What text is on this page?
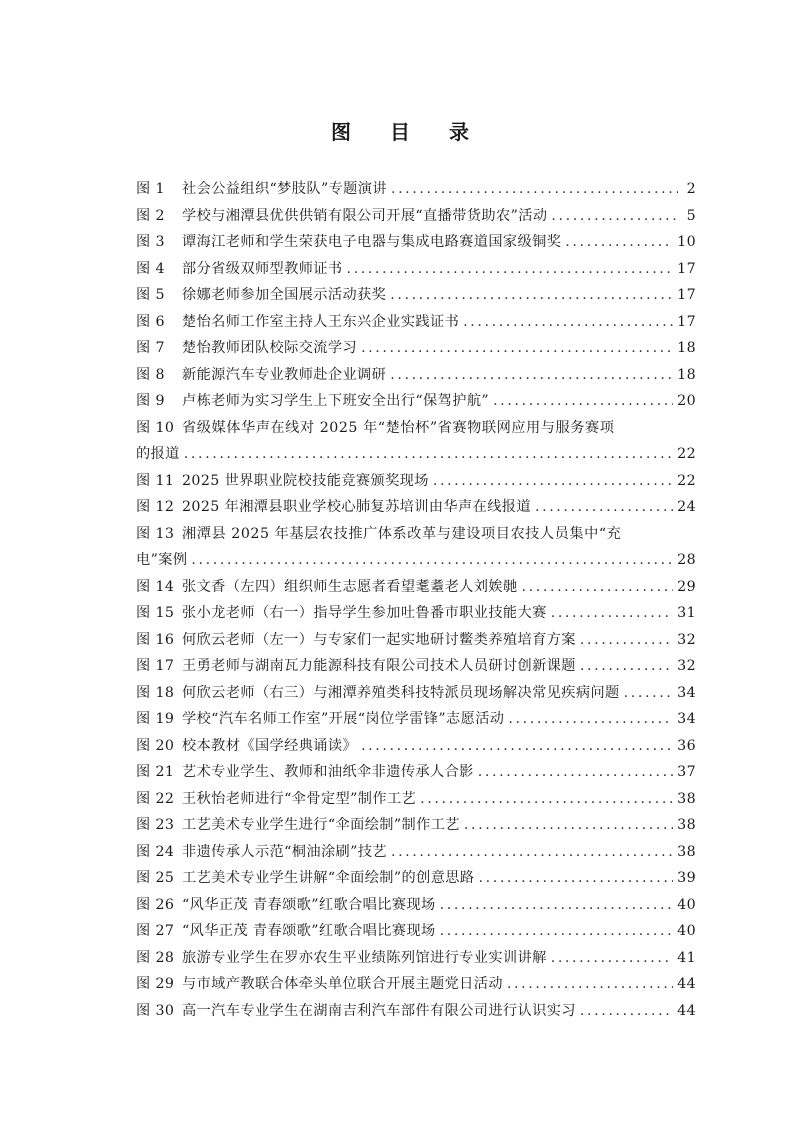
图 目 录
图 1	社会公益组织“梦肢队”专题演讲 .....	2
图 2	学校与湘潭县优供供销有限公司开展“直播带货助农”活动 .....	5
图 3	谭海江老师和学生荣获电子电器与集成电路赛道国家级铜奖 .....	10
图 4	部分省级双师型教师证书 .....	17
图 5	徐娜老师参加全国展示活动获奖 .....	17
图 6	楚怡名师工作室主持人王东兴企业实践证书 .....	17
图 7	楚怡教师团队校际交流学习 .....	18
图 8	新能源汽车专业教师赴企业调研 .....	18
图 9	卢栋老师为实习学生上下班安全出行“保驾护航” .....	20
图 10 省级媒体华声在线对 2025 年“楚怡杯”省赛物联网应用与服务赛项
的报道 .....	22
图 11 2025 世界职业院校技能竞赛颁奖现场 .....	22
图 12 2025 年湘潭县职业学校心肺复苏培训由华声在线报道 .....	24
图 13 湘潭县 2025 年基层农技推广体系改革与建设项目农技人员集中“充
电”案例 .....	28
图 14 张文香（左四）组织师生志愿者看望耄耋老人刘娭毑 .....	29
图 15 张小龙老师（右一）指导学生参加吐鲁番市职业技能大赛 .....	31
图 16 何欣云老师（左一）与专家们一起实地研讨鳖类养殖培育方案 .....	32
图 17 王勇老师与湖南瓦力能源科技有限公司技术人员研讨创新课题 .....	32
图 18 何欣云老师（右三）与湘潭养殖类科技特派员现场解决常见疾病问题 .....	34
图 19 学校“汽车名师工作室”开展“岗位学雷锋”志愿活动 .....	34
图 20 校本教材《国学经典诵读》 .....	36
图 21 艺术专业学生、教师和油纸伞非遗传承人合影 .....	37
图 22 王秋怡老师进行“伞骨定型”制作工艺 .....	38
图 23 工艺美术专业学生进行“伞面绘制”制作工艺 .....	38
图 24 非遗传承人示范“桐油涂刷”技艺 .....	38
图 25 工艺美术专业学生讲解“伞面绘制”的创意思路 .....	39
图 26 “风华正茂 青春颂歌”红歌合唱比赛现场 .....	40
图 27 “风华正茂 青春颂歌”红歌合唱比赛现场 .....	40
图 28 旅游专业学生在罗亦农生平业绩陈列馆进行专业实训讲解 .....	41
图 29 与市域产教联合体牵头单位联合开展主题党日活动 .....	44
图 30 高一汽车专业学生在湖南吉利汽车部件有限公司进行认识实习 .....	44
